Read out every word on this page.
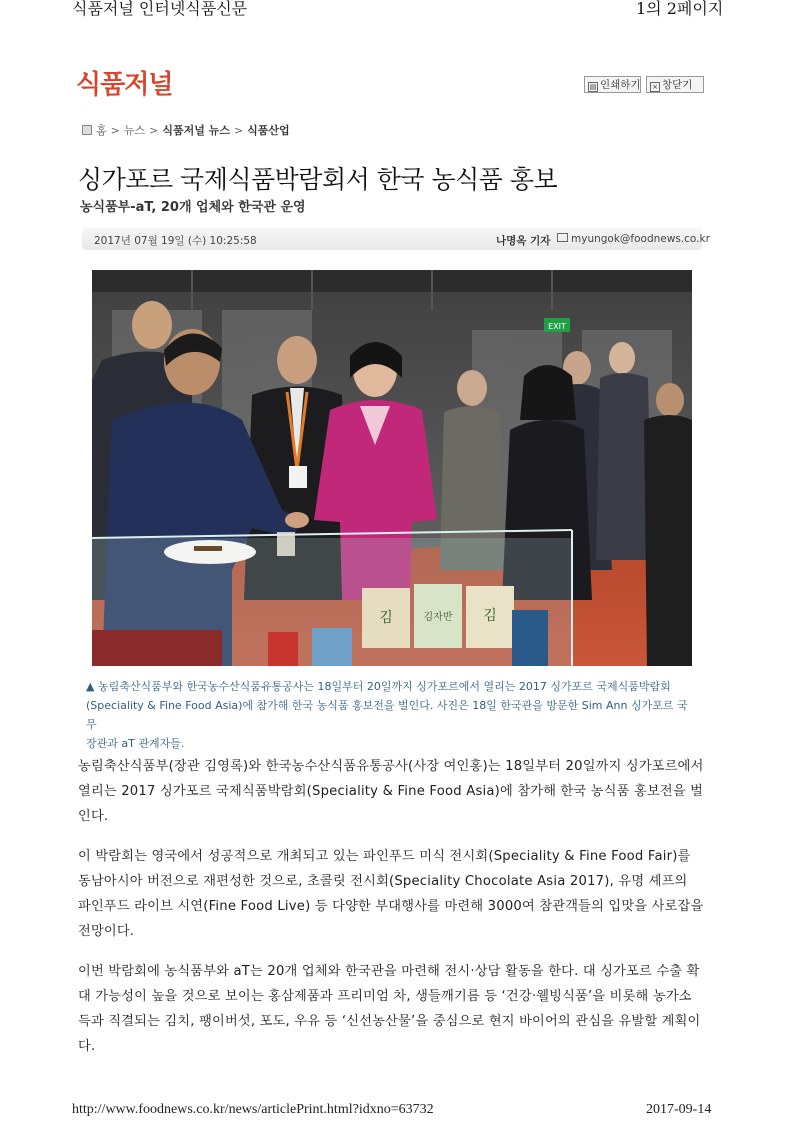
식품저널 인터넷식품신문	1의 2페이지
식품저널	▤ 인쇄하기	× 창닫기
홈 > 뉴스 > 식품저널 뉴스 > 식품산업
싱가포르 국제식품박람회서 한국 농식품 홍보
농식품부-aT, 20개 업체와 한국관 운영
2017년 07월 19일 (수) 10:25:58	나명옥 기자	myungok@foodnews.co.kr
EXIT
김	김자반 김
▲ 농림축산식품부와 한국농수산식품유통공사는 18일부터 20일까지 싱가포르에서 열리는 2017 싱가포르 국제식품박람회
(Speciality & Fine Food Asia)에 참가해 한국 농식품 홍보전을 벌인다. 사진은 18일 한국관을 방문한 Sim Ann 싱가포르 국무
장관과 aT 관계자들.
농림축산식품부(장관 김영록)와 한국농수산식품유통공사(사장 여인홍)는 18일부터 20일까지 싱가포르에서 열리는 2017 싱가포르 국제식품박람회(Speciality & Fine Food Asia)에 참가해 한국 농식품 홍보전을 벌인다.
이 박람회는 영국에서 성공적으로 개최되고 있는 파인푸드 미식 전시회(Speciality & Fine Food Fair)를 동남아시아 버전으로 재편성한 것으로, 초콜릿 전시회(Speciality Chocolate Asia 2017), 유명 셰프의 파인푸드 라이브 시연(Fine Food Live) 등 다양한 부대행사를 마련해 3000여 참관객들의 입맛을 사로잡을 전망이다.
이번 박람회에 농식품부와 aT는 20개 업체와 한국관을 마련해 전시·상담 활동을 한다. 대 싱가포르 수출 확대 가능성이 높을 것으로 보이는 홍삼제품과 프리미엄 차, 생들깨기름 등 ‘건강·웰빙식품’을 비롯해 농가소득과 직결되는 김치, 팽이버섯, 포도, 우유 등 ‘신선농산물’을 중심으로 현지 바이어의 관심을 유발할 계획이다.
http://www.foodnews.co.kr/news/articlePrint.html?idxno=63732	2017-09-14
